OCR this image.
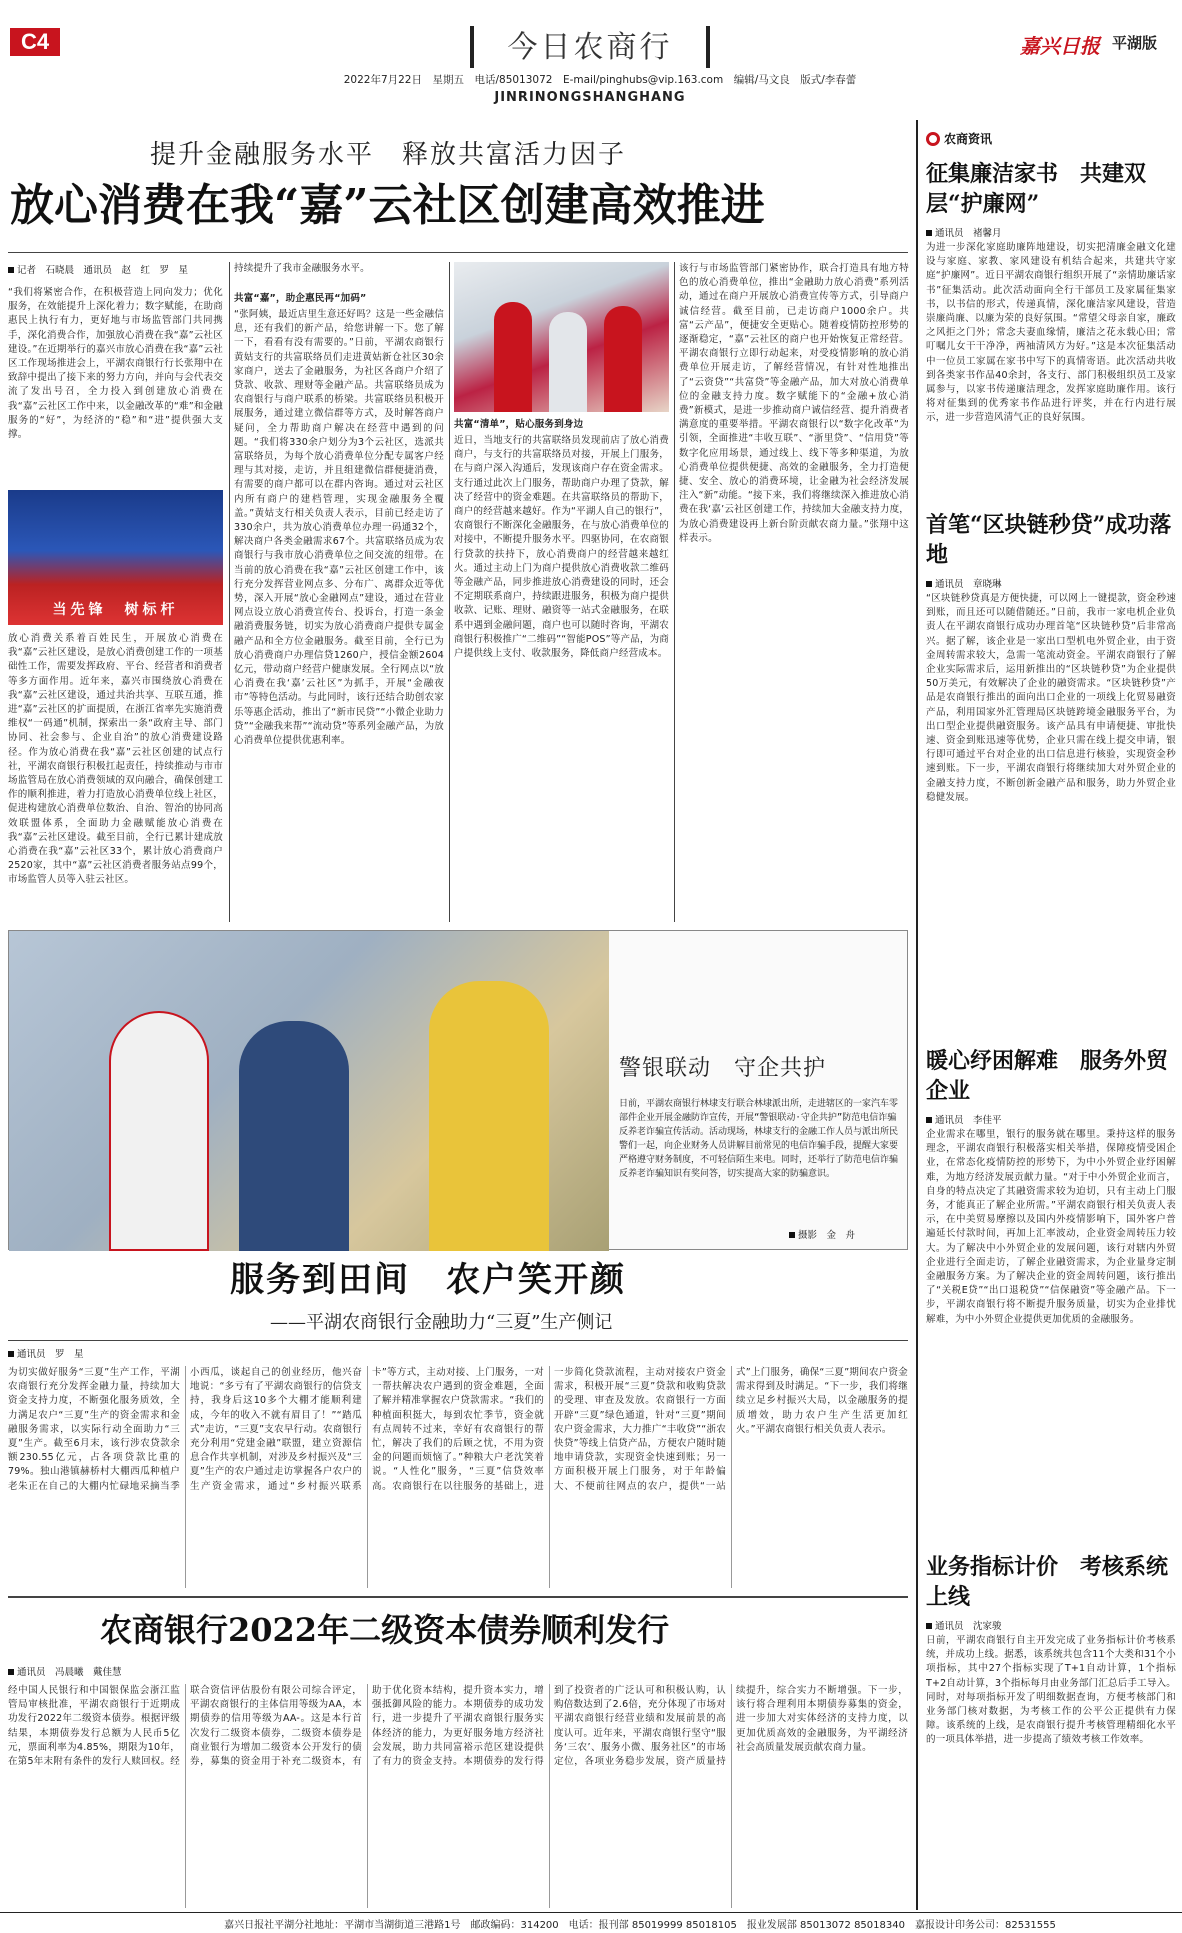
C4	今日农商行	嘉兴日报 平湖版
2022年7月22日　星期五　电话/85013072　E-mail/pinghubs@vip.163.com　编辑/马文良　版式/李春蕾
JINRINONGSHANGHANG
提升金融服务水平　释放共富活力因子
放心消费在我“嘉”云社区创建高效推进
记者　石晓晨　通讯员　赵　红　罗　星
“我们将紧密合作，在积极营造上同向发力；优化服务，在效能提升上深化着力；数字赋能，在助商惠民上执行有力，更好地与市场监管部门共同携手，深化消费合作，加强放心消费在我“嘉”云社区建设。”在近期举行的嘉兴市放心消费在我“嘉”云社区工作现场推进会上，平湖农商银行行长张翔中在致辞中提出了接下来的努力方向，并向与会代表交流了发出号召，全力投入到创建放心消费在我“嘉”云社区工作中来，以金融改革的“难”和金融服务的“好”，为经济的“稳”和“进”提供强大支撑。
当先锋　树标杆
放心消费关系着百姓民生，开展放心消费在我“嘉”云社区建设，是放心消费创建工作的一项基础性工作，需要发挥政府、平台、经营者和消费者等多方面作用。近年来，嘉兴市围绕放心消费在我“嘉”云社区建设，通过共治共享、互联互通，推进“嘉”云社区的扩面提质，在浙江省率先实施消费维权“一码通”机制，探索出一条“政府主导、部门协同、社会参与、企业自治”的放心消费建设路径。作为放心消费在我“嘉”云社区创建的试点行社，平湖农商银行积极扛起责任，持续推动与市市场监管局在放心消费领域的双向融合，确保创建工作的顺利推进，着力打造放心消费单位线上社区，促进构建放心消费单位数治、自治、智治的协同高效联盟体系，全面助力金融赋能放心消费在我“嘉”云社区建设。截至目前，全行已累计建成放心消费在我“嘉”云社区33个，累计放心消费商户2520家，其中“嘉”云社区消费者服务站点99个，市场监管人员等入驻云社区。
持续提升了我市金融服务水平。
共富“嘉”，助企惠民再“加码”
“张阿姨，最近店里生意还好吗？这是一些金融信息，还有我们的新产品，给您讲解一下。您了解一下，看看有没有需要的。”日前，平湖农商银行黄姑支行的共富联络员们走进黄姑新仓社区30余家商户，送去了金融服务，为社区各商户介绍了贷款、收款、理财等金融产品。共富联络员成为农商银行与商户联系的桥梁。共富联络员积极开展服务，通过建立微信群等方式，及时解答商户疑问，全力帮助商户解决在经营中遇到的问题。“我们将330余户划分为3个云社区，选派共富联络员，为每个放心消费单位分配专属客户经理与其对接，走访，并且组建微信群便捷消费，有需要的商户都可以在群内咨询。通过对云社区内所有商户的建档管理，实现金融服务全覆盖。”黄姑支行相关负责人表示，目前已经走访了330余户，共为放心消费单位办理一码通32个，解决商户各类金融需求67个。共富联络员成为农商银行与我市放心消费单位之间交流的纽带。在当前的放心消费在我“嘉”云社区创建工作中，该行充分发挥营业网点多、分布广、离群众近等优势，深入开展“放心金融网点”建设，通过在营业网点设立放心消费宣传台、投诉台，打造一条金融消费服务链，切实为放心消费商户提供专属金融产品和全方位金融服务。截至目前，全行已为放心消费商户办理信贷1260户，授信金额2604亿元，带动商户经营户健康发展。全行网点以“放心消费在我‘嘉’云社区”为抓手，开展“金融夜市”等特色活动。与此同时，该行还结合助创农家乐等惠企活动，推出了“新市民贷”“小微企业助力贷”“金融我来帮”“流动贷”等系列金融产品，为放心消费单位提供优惠利率。
共富“清单”，贴心服务到身边
近日，当地支行的共富联络员发现前店了放心消费商户，与支行的共富联络员对接，开展上门服务，在与商户深入沟通后，发现该商户存在资金需求。支行通过此次上门服务，帮助商户办理了贷款，解决了经营中的资金难题。在共富联络员的帮助下，商户的经营越来越好。作为“平湖人自己的银行”，农商银行不断深化金融服务，在与放心消费单位的对接中，不断提升服务水平。四驱协同，在农商银行贷款的扶持下，放心消费商户的经营越来越红火。通过主动上门为商户提供放心消费收款二维码等金融产品，同步推进放心消费建设的同时，还会不定期联系商户，持续跟进服务，积极为商户提供收款、记账、理财、融资等一站式金融服务，在联系中遇到金融问题，商户也可以随时咨询，平湖农商银行积极推广“二维码”“智能POS”等产品，为商户提供线上支付、收款服务，降低商户经营成本。
该行与市场监管部门紧密协作，联合打造具有地方特色的放心消费单位，推出“金融助力放心消费”系列活动，通过在商户开展放心消费宣传等方式，引导商户诚信经营。截至目前，已走访商户1000余户。共富“云产品”，便捷安全更贴心。随着疫情防控形势的逐渐稳定，“嘉”云社区的商户也开始恢复正常经营。平湖农商银行立即行动起来，对受疫情影响的放心消费单位开展走访，了解经营情况，有针对性地推出了“云资贷”“共富贷”等金融产品，加大对放心消费单位的金融支持力度。数字赋能下的“金融+放心消费”新模式，是进一步推动商户诚信经营、提升消费者满意度的重要举措。平湖农商银行以“数字化改革”为引领，全面推进“丰收互联”、“浙里贷”、“信用贷”等数字化应用场景，通过线上、线下等多种渠道，为放心消费单位提供便捷、高效的金融服务，全力打造便捷、安全、放心的消费环境，让金融为社会经济发展注入“新”动能。“接下来，我们将继续深入推进放心消费在我‘嘉’云社区创建工作，持续加大金融支持力度，为放心消费建设再上新台阶贡献农商力量。”张翔中这样表示。
警银联动　守企共护
日前，平湖农商银行林埭支行联合林埭派出所，走进辖区的一家汽车零部件企业开展金融防诈宣传，开展“警银联动·守企共护”防范电信诈骗反养老诈骗宣传活动。活动现场，林埭支行的金融工作人员与派出所民警们一起，向企业财务人员讲解目前常见的电信诈骗手段，提醒大家要严格遵守财务制度，不可轻信陌生来电。同时，还举行了防范电信诈骗反养老诈骗知识有奖问答，切实提高大家的防骗意识。
摄影　金　舟
服务到田间　农户笑开颜
——平湖农商银行金融助力“三夏”生产侧记
通讯员　罗　星
为切实做好服务“三夏”生产工作，平湖农商银行充分发挥金融力量，持续加大资金支持力度，不断强化服务质效，全力满足农户“三夏”生产的资金需求和金融服务需求，以实际行动全面助力“三夏”生产。截至6月末，该行涉农贷款余额230.55亿元，占各项贷款比重的79%。独山港镇赫桥村大棚西瓜种植户老朱正在自己的大棚内忙碌地采摘当季小西瓜，谈起自己的创业经历，他兴奋地说：“多亏有了平湖农商银行的信贷支持，我身后这10多个大棚才能顺利建成，今年的收入不就有眉目了！”“踏瓜式”走访，“三夏”支农早行动。农商银行充分利用“党建金融”联盟，建立资源信息合作共享机制，对涉及乡村振兴及“三夏”生产的农户通过走访掌握各户农户的生产资金需求，通过“乡村振兴联系卡”等方式，主动对接、上门服务，一对一帮扶解决农户遇到的资金难题，全面了解并精准掌握农户贷款需求。“我们的种植面积挺大，每到农忙季节，资金就有点周转不过来，幸好有农商银行的帮忙，解决了我们的后顾之忧，不用为资金的问题而烦恼了。”种粮大户老沈笑着说。“人性化”服务，“三夏”信贷效率高。农商银行在以往服务的基础上，进一步简化贷款流程，主动对接农户资金需求，积极开展“三夏”贷款和收购贷款的受理、审查及发放。农商银行一方面开辟“三夏”绿色通道，针对“三夏”期间农户资金需求，大力推广“丰收贷”“浙农快贷”等线上信贷产品，方便农户随时随地申请贷款，实现资金快速到账；另一方面积极开展上门服务，对于年龄偏大、不便前往网点的农户，提供“一站式”上门服务，确保“三夏”期间农户资金需求得到及时满足。“下一步，我们将继续立足乡村振兴大局，以金融服务的提质增效，助力农户生产生活更加红火。”平湖农商银行相关负责人表示。
农商银行2022年二级资本债券顺利发行
通讯员　冯晨曦　戴佳慧
经中国人民银行和中国银保监会浙江监管局审核批准，平湖农商银行于近期成功发行2022年二级资本债券。根据评级结果，本期债券发行总额为人民币5亿元，票面利率为4.85%，期限为10年，在第5年末附有条件的发行人赎回权。经联合资信评估股份有限公司综合评定，平湖农商银行的主体信用等级为AA，本期债券的信用等级为AA-。这是本行首次发行二级资本债券，二级资本债券是商业银行为增加二级资本公开发行的债券，募集的资金用于补充二级资本，有助于优化资本结构，提升资本实力，增强抵御风险的能力。本期债券的成功发行，进一步提升了平湖农商银行服务实体经济的能力，为更好服务地方经济社会发展，助力共同富裕示范区建设提供了有力的资金支持。本期债券的发行得到了投资者的广泛认可和积极认购，认购倍数达到了2.6倍，充分体现了市场对平湖农商银行经营业绩和发展前景的高度认可。近年来，平湖农商银行坚守“服务‘三农’、服务小微、服务社区”的市场定位，各项业务稳步发展，资产质量持续提升，综合实力不断增强。下一步，该行将合理利用本期债券募集的资金，进一步加大对实体经济的支持力度，以更加优质高效的金融服务，为平湖经济社会高质量发展贡献农商力量。
农商资讯
征集廉洁家书　共建双层“护廉网”
通讯员　褚馨月
为进一步深化家庭助廉阵地建设，切实把清廉金融文化建设与家庭、家教、家风建设有机结合起来，共建共守家庭“护廉网”。近日平湖农商银行组织开展了“亲情助廉话家书”征集活动。此次活动面向全行干部员工及家属征集家书，以书信的形式，传递真情，深化廉洁家风建设，营造崇廉尚廉、以廉为荣的良好氛围。“常望父母亲自家，廉政之风拒之门外；常念夫妻血缘情，廉洁之花永载心田；常叮嘱儿女干干净净，两袖清风方为好。”这是本次征集活动中一位员工家属在家书中写下的真情寄语。此次活动共收到各类家书作品40余封，各支行、部门积极组织员工及家属参与，以家书传递廉洁理念，发挥家庭助廉作用。该行将对征集到的优秀家书作品进行评奖，并在行内进行展示，进一步营造风清气正的良好氛围。
首笔“区块链秒贷”成功落地
通讯员　章晓琳
“区块链秒贷真是方便快捷，可以网上一键提款，资金秒速到账，而且还可以随借随还。”日前，我市一家电机企业负责人在平湖农商银行成功办理首笔“区块链秒贷”后非常高兴。据了解，该企业是一家出口型机电外贸企业，由于资金周转需求较大，急需一笔流动资金。平湖农商银行了解企业实际需求后，运用新推出的“区块链秒贷”为企业提供50万美元，有效解决了企业的融资需求。“区块链秒贷”产品是农商银行推出的面向出口企业的一项线上化贸易融资产品，利用国家外汇管理局区块链跨境金融服务平台，为出口型企业提供融资服务。该产品具有申请便捷、审批快速、资金到账迅速等优势，企业只需在线上提交申请，银行即可通过平台对企业的出口信息进行核验，实现资金秒速到账。下一步，平湖农商银行将继续加大对外贸企业的金融支持力度，不断创新金融产品和服务，助力外贸企业稳健发展。
暖心纾困解难　服务外贸企业
通讯员　李佳平
企业需求在哪里，银行的服务就在哪里。秉持这样的服务理念，平湖农商银行积极落实相关举措，保障疫情受困企业，在常态化疫情防控的形势下，为中小外贸企业纾困解难，为地方经济发展贡献力量。“对于中小外贸企业而言，自身的特点决定了其融资需求较为迫切，只有主动上门服务，才能真正了解企业所需。”平湖农商银行相关负责人表示，在中美贸易摩擦以及国内外疫情影响下，国外客户普遍延长付款时间，再加上汇率波动，企业资金周转压力较大。为了解决中小外贸企业的发展问题，该行对辖内外贸企业进行全面走访，了解企业融资需求，为企业量身定制金融服务方案。为了解决企业的资金周转问题，该行推出了“关税E贷”“出口退税贷”“信保融资”等金融产品。下一步，平湖农商银行将不断提升服务质量，切实为企业排忧解难，为中小外贸企业提供更加优质的金融服务。
业务指标计价　考核系统上线
通讯员　沈家骏
日前，平湖农商银行自主开发完成了业务指标计价考核系统，并成功上线。据悉，该系统共包含11个大类和31个小项指标，其中27个指标实现了T+1自动计算，1个指标T+2自动计算，3个指标每月由业务部门汇总后手工导入。同时，对每项指标开发了明细数据查询，方便考核部门和业务部门核对数据，为考核工作的公平公正提供有力保障。该系统的上线，是农商银行提升考核管理精细化水平的一项具体举措，进一步提高了绩效考核工作效率。
嘉兴日报社平湖分社地址：平湖市当湖街道三港路1号　邮政编码：314200　电话：报刊部 85019999 85018105　报业发展部 85013072 85018340　嘉报设计印务公司：82531555
